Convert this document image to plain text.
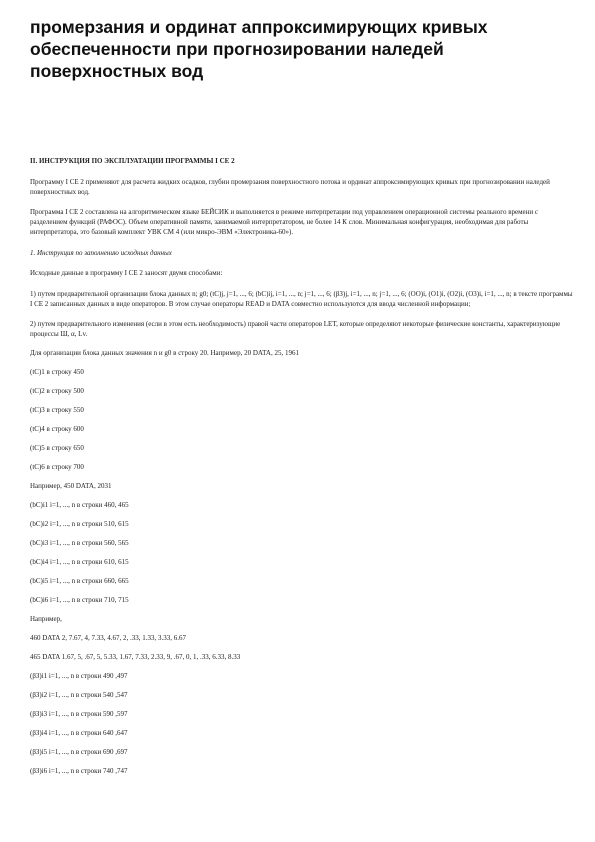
промерзания и ординат аппроксимирующих кривых обеспеченности при прогнозировании наледей поверхностных вод

II. ИНСТРУКЦИЯ ПО ЭКСПЛУАТАЦИИ ПРОГРАММЫ I CE 2

Программу I CE 2 применяют для расчета жидких осадков, глубин промерзания поверхностного потока и ординат аппроксимирующих кривых при прогнозировании наледей поверхностных вод.

Программа I CE 2 составлена на алгоритмическом языке БЕЙСИК и выполняется в режиме интерпретации под управлением операционной системы реального времени с разделением функций (РАФОС). Объем оперативной памяти, занимаемой интерпретатором, не более 14 К слов. Минимальная конфигурация, необходимая для работы интерпретатора, это базовый комплект УВК СМ 4 (или микро-ЭВМ «Электроника-60»).

1. Инструкция по заполнению исходных данных

Исходные данные в программу I CE 2 заносят двумя способами:

1) путем предварительной организации блока данных n; g0; (tC)j, j=1, ..., 6; (bC)ij, i=1, ..., n; j=1, ..., 6; (βЗ)j, i=1, ..., n; j=1, ..., 6; (OO)i, (O1)i, (O2)i, (O3)i, i=1, ..., n; в тексте программы I CE 2 записанных данных в виде операторов. В этом случае операторы READ и DATA совместно используются для ввода численной информации;

2) путем предварительного изменения (если в этом есть необходимость) правой части операторов LET, которые определяют некоторые физические константы, характеризующие процессы Ш, α, Lv.

Для организации блока данных значения n и g0 в строку 20. Например, 20 DATA, 25, 1961

(tC)1 в строку 450

(tC)2 в строку 500

(tC)3 в строку 550

(tC)4 в строку 600

(tC)5 в строку 650

(tC)6 в строку 700

Например, 450 DATA, 2031

(bC)i1 i=1, ..., n в строки 460, 465

(bC)i2 i=1, ..., n в строки 510, 615

(bC)i3 i=1, ..., n в строки 560, 565

(bC)i4 i=1, ..., n в строки 610, 615

(bC)i5 i=1, ..., n в строки 660, 665

(bC)i6 i=1, ..., n в строки 710, 715

Например,

460 DATA 2, 7.67, 4, 7.33, 4.67, 2, .33, 1.33, 3.33, 6.67

465 DATA 1.67, 5, .67, 5, 5.33, 1.67, 7.33, 2.33, 9, .67, 0, 1, .33, 6.33, 8.33

(βЗ)i1 i=1, ..., n в строки 490 ,497

(βЗ)i2 i=1, ..., n в строки 540 ,547

(βЗ)i3 i=1, ..., n в строки 590 ,597

(βЗ)i4 i=1, ..., n в строки 640 ,647

(βЗ)i5 i=1, ..., n в строки 690 ,697

(βЗ)i6 i=1, ..., n в строки 740 ,747
